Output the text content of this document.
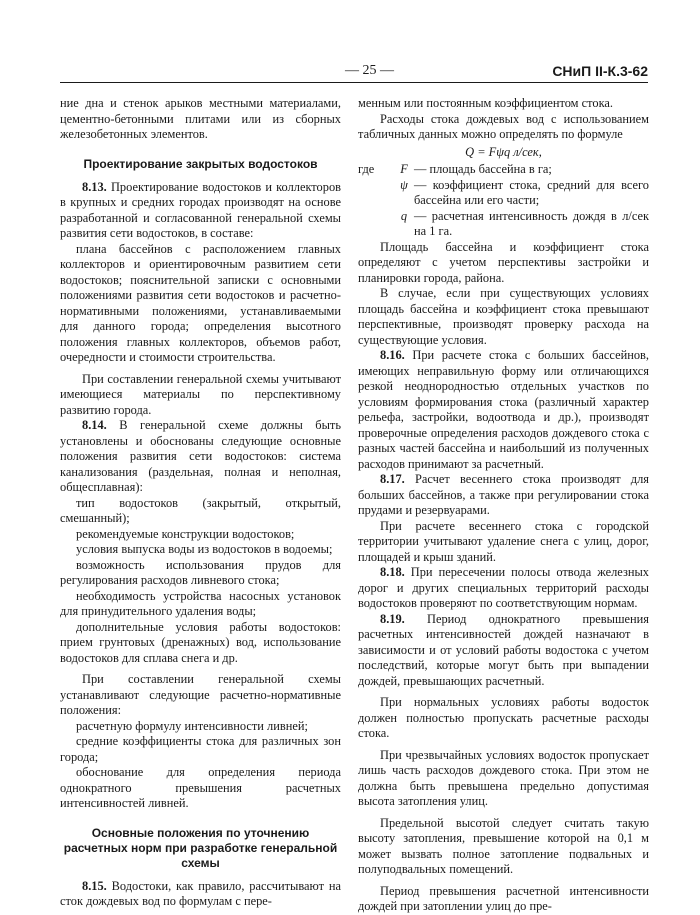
— 25 —	СНиП II-К.3-62

ние дна и стенок арыков местными материалами, цементно-бетонными плитами или из сборных железобетонных элементов.

Проектирование закрытых водостоков

8.13. Проектирование водостоков и коллекторов в крупных и средних городах производят на основе разработанной и согласованной генеральной схемы развития сети водостоков, в составе:

плана бассейнов с расположением главных коллекторов и ориентировочным развитием сети водостоков; пояснительной записки с основными положениями развития сети водостоков и расчетно-нормативными положениями, устанавливаемыми для данного города; определения высотного положения главных коллекторов, объемов работ, очередности и стоимости строительства.

При составлении генеральной схемы учитывают имеющиеся материалы по перспективному развитию города.

8.14. В генеральной схеме должны быть установлены и обоснованы следующие основные положения развития сети водостоков: система канализования (раздельная, полная и неполная, общесплавная):

тип водостоков (закрытый, открытый, смешанный);

рекомендуемые конструкции водостоков;

условия выпуска воды из водостоков в водоемы;

возможность использования прудов для регулирования расходов ливневого стока;

необходимость устройства насосных установок для принудительного удаления воды;

дополнительные условия работы водостоков: прием грунтовых (дренажных) вод, использование водостоков для сплава снега и др.

При составлении генеральной схемы устанавливают следующие расчетно-нормативные положения:

расчетную формулу интенсивности ливней;

средние коэффициенты стока для различных зон города;

обоснование для определения периода однократного превышения расчетных интенсивностей ливней.

Основные положения по уточнению расчетных норм при разработке генеральной схемы

8.15. Водостоки, как правило, рассчитывают на сток дождевых вод по формулам с пере-

менным или постоянным коэффициентом стока.

Расходы стока дождевых вод с использованием табличных данных можно определять по формуле

Q = Fψq л/сек,

где	F — площадь бассейна в га;
ψ — коэффициент стока, средний для всего бассейна или его части;
q — расчетная интенсивность дождя в л/сек на 1 га.

Площадь бассейна и коэффициент стока определяют с учетом перспективы застройки и планировки города, района.

В случае, если при существующих условиях площадь бассейна и коэффициент стока превышают перспективные, производят проверку расхода на существующие условия.

8.16. При расчете стока с больших бассейнов, имеющих неправильную форму или отличающихся резкой неоднородностью отдельных участков по условиям формирования стока (различный характер рельефа, застройки, водоотвода и др.), производят проверочные определения расходов дождевого стока с разных частей бассейна и наибольший из полученных расходов принимают за расчетный.

8.17. Расчет весеннего стока производят для больших бассейнов, а также при регулировании стока прудами и резервуарами.

При расчете весеннего стока с городской территории учитывают удаление снега с улиц, дорог, площадей и крыш зданий.

8.18. При пересечении полосы отвода железных дорог и других специальных территорий расходы водостоков проверяют по соответствующим нормам.

8.19. Период однократного превышения расчетных интенсивностей дождей назначают в зависимости и от условий работы водостока с учетом последствий, которые могут быть при выпадении дождей, превышающих расчетный.

При нормальных условиях работы водосток должен полностью пропускать расчетные расходы стока.

При чрезвычайных условиях водосток пропускает лишь часть расходов дождевого стока. При этом не должна быть превышена предельно допустимая высота затопления улиц.

Предельной высотой следует считать такую высоту затопления, превышение которой на 0,1 м может вызвать полное затопление подвальных и полуподвальных помещений.

Период превышения расчетной интенсивности дождей при затоплении улиц до пре-
